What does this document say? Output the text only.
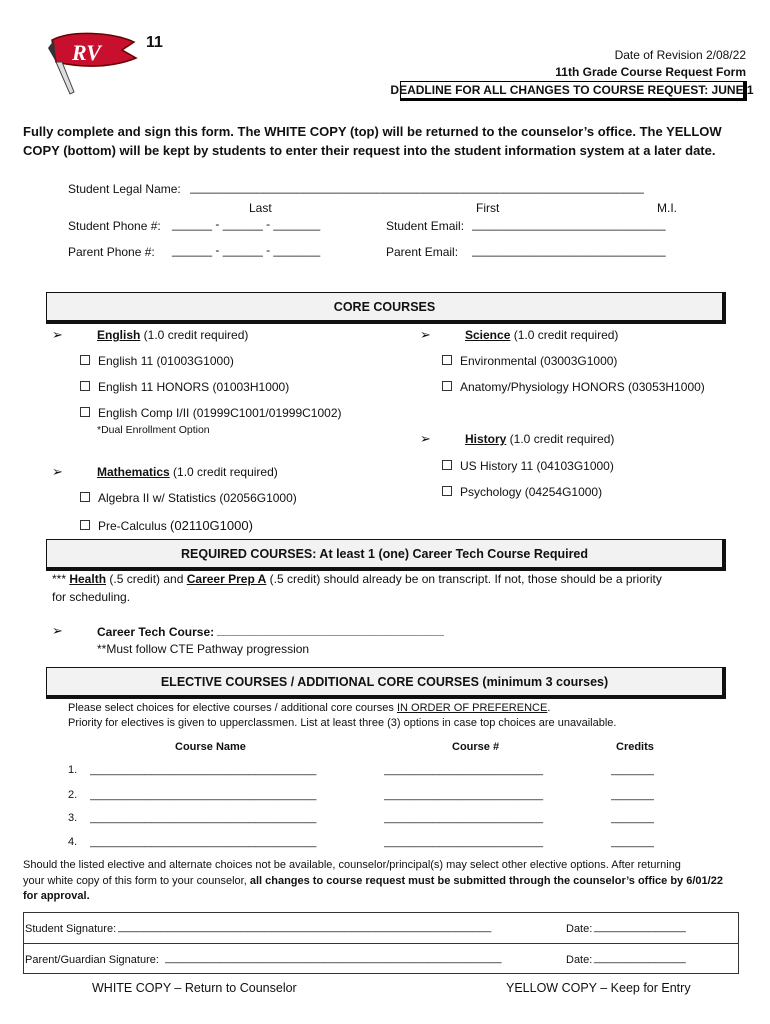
RV	11
Date of Revision 2/08/22
11th Grade Course Request Form
DEADLINE FOR ALL CHANGES TO COURSE REQUEST: JUNE 1
Fully complete and sign this form. The WHITE COPY (top) will be returned to the counselor’s office. The YELLOW COPY (bottom) will be kept by students to enter their request into the student information system at a later date.
Student Legal Name: ____________________________________________________________________
Last	First	M.I.
Student Phone #: ______ - ______ - _______	Student Email: _____________________________
Parent Phone #: ______ - ______ - _______	Parent Email: _____________________________
CORE COURSES
➢	English (1.0 credit required)
English 11 (01003G1000)
English 11 HONORS (01003H1000)
English Comp I/II (01999C1001/01999C1002)
*Dual Enrollment Option
➢	Science (1.0 credit required)
Environmental (03003G1000)
Anatomy/Physiology HONORS (03053H1000)
➢	History (1.0 credit required)
US History 11 (04103G1000)
Psychology (04254G1000)
➢	Mathematics (1.0 credit required)
Algebra II w/ Statistics (02056G1000)
Pre-Calculus (02110G1000)
REQUIRED COURSES: At least 1 (one) Career Tech Course Required
*** Health (.5 credit) and Career Prep A (.5 credit) should already be on transcript. If not, those should be a priority
for scheduling.
➢	Career Tech Course: __________________________________
**Must follow CTE Pathway progression
ELECTIVE COURSES / ADDITIONAL CORE COURSES (minimum 3 courses)
Please select choices for elective courses / additional core courses IN ORDER OF PREFERENCE.
Priority for electives is given to upperclassmen. List at least three (3) options in case top choices are unavailable.
Course Name	Course #	Credits
1. _____________________________________	__________________________	_______
2. _____________________________________	__________________________	_______
3. _____________________________________	__________________________	_______
4. _____________________________________	__________________________	_______
Should the listed elective and alternate choices not be available, counselor/principal(s) may select other elective options. After returning
your white copy of this form to your counselor, all changes to course request must be submitted through the counselor’s office by 6/01/22
for approval.
Student Signature: _____________________________________________________________	Date: _______________
Parent/Guardian Signature: _______________________________________________________	Date: _______________
WHITE COPY – Return to Counselor	YELLOW COPY – Keep for Entry
